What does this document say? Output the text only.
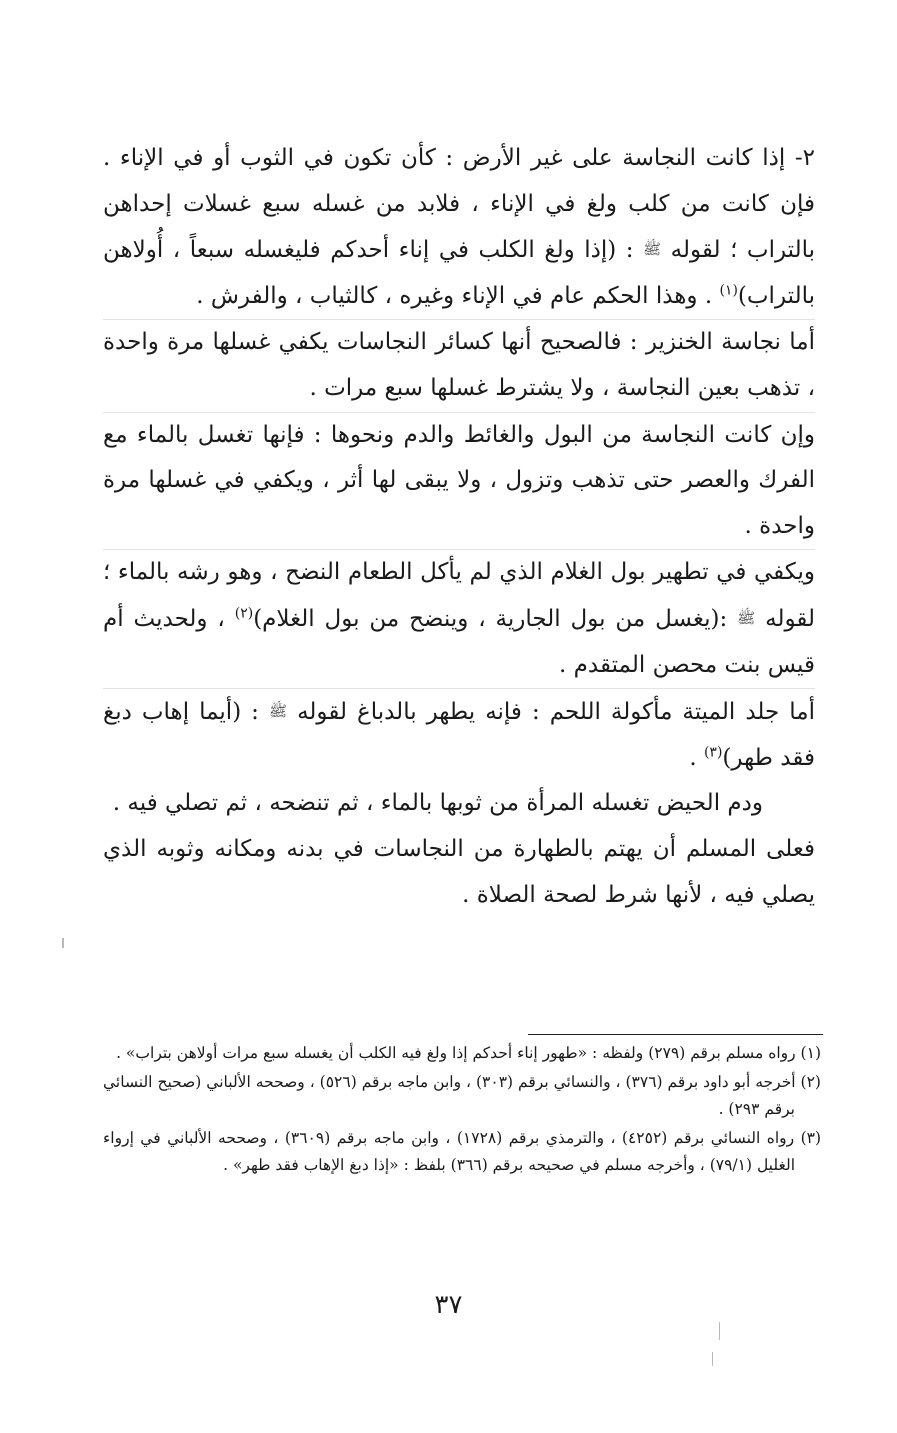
٢- إذا كانت النجاسة على غير الأرض : كأن تكون في الثوب أو في الإناء . فإن كانت من كلب ولغ في الإناء ، فلابد من غسله سبع غسلات إحداهن بالتراب ؛ لقوله ﷺ : (إذا ولغ الكلب في إناء أحدكم فليغسله سبعاً ، أُولاهن بالتراب)$^{(١)}$ . وهذا الحكم عام في الإناء وغيره ، كالثياب ، والفرش .

أما نجاسة الخنزير : فالصحيح أنها كسائر النجاسات يكفي غسلها مرة واحدة ، تذهب بعين النجاسة ، ولا يشترط غسلها سبع مرات .

وإن كانت النجاسة من البول والغائط والدم ونحوها : فإنها تغسل بالماء مع الفرك والعصر حتى تذهب وتزول ، ولا يبقى لها أثر ، ويكفي في غسلها مرة واحدة .

ويكفي في تطهير بول الغلام الذي لم يأكل الطعام النضح ، وهو رشه بالماء ؛ لقوله ﷺ :(يغسل من بول الجارية ، وينضح من بول الغلام)$^{(٢)}$ ، ولحديث أم قيس بنت محصن المتقدم .

أما جلد الميتة مأكولة اللحم : فإنه يطهر بالدباغ لقوله ﷺ : (أيما إهاب دبغ فقد طهر)$^{(٣)}$ .

ودم الحيض تغسله المرأة من ثوبها بالماء ، ثم تنضحه ، ثم تصلي فيه .

فعلى المسلم أن يهتم بالطهارة من النجاسات في بدنه ومكانه وثوبه الذي يصلي فيه ، لأنها شرط لصحة الصلاة .

(١) رواه مسلم برقم (٢٧٩) ولفظه : «طهور إناء أحدكم إذا ولغ فيه الكلب أن يغسله سبع مرات أولاهن بتراب» .

(٢) أخرجه أبو داود برقم (٣٧٦) ، والنسائي برقم (٣٠٣) ، وابن ماجه برقم (٥٢٦) ، وصححه الألباني (صحيح النسائي برقم ٢٩٣) .

(٣) رواه النسائي برقم (٤٢٥٢) ، والترمذي برقم (١٧٢٨) ، وابن ماجه برقم (٣٦٠٩) ، وصححه الألباني في إرواء الغليل (٧٩/١) ، وأخرجه مسلم في صحيحه برقم (٣٦٦) بلفظ : «إذا دبغ الإهاب فقد طهر» .

٣٧
